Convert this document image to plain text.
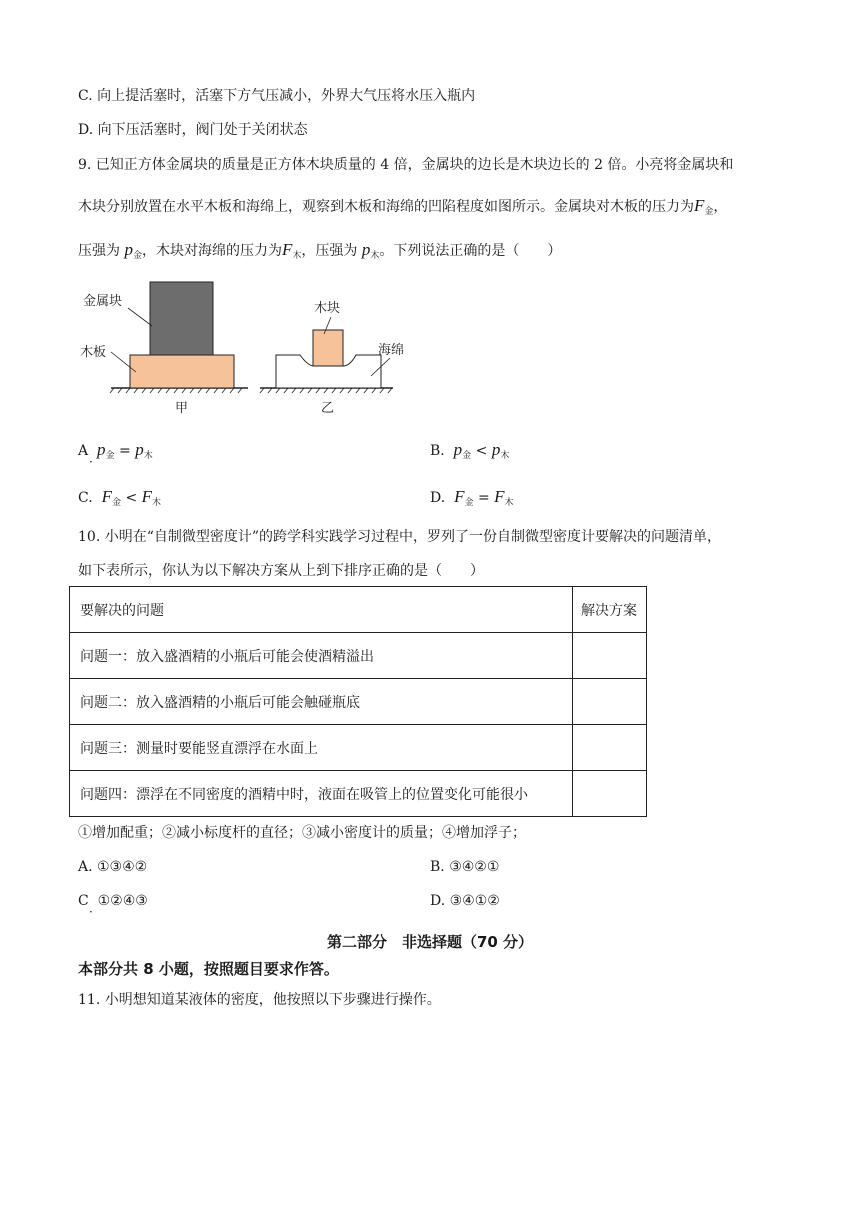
C. 向上提活塞时，活塞下方气压减小，外界大气压将水压入瓶内
D. 向下压活塞时，阀门处于关闭状态
9. 已知正方体金属块的质量是正方体木块质量的 4 倍，金属块的边长是木块边长的 2 倍。小亮将金属块和
木块分别放置在水平木板和海绵上，观察到木板和海绵的凹陷程度如图所示。金属块对木板的压力为$F_金$，
压强为 $p_金$，木块对海绵的压力为$F_木$，压强为 $p_木$。下列说法正确的是（　　）
金属块
木板
甲
木块
海绵
乙
A $p_金 = p_木$
·
B. $p_金 < p_木$
C. $F_金 < F_木$	D. $F_金 = F_木$
10. 小明在“自制微型密度计”的跨学科实践学习过程中，罗列了一份自制微型密度计要解决的问题清单，
如下表所示，你认为以下解决方案从上到下排序正确的是（　　）
要解决的问题	解决方案
问题一：放入盛酒精的小瓶后可能会使酒精溢出	
问题二：放入盛酒精的小瓶后可能会触碰瓶底	
问题三：测量时要能竖直漂浮在水面上	
问题四：漂浮在不同密度的酒精中时，液面在吸管上的位置变化可能很小	
①增加配重；②减小标度杆的直径；③减小密度计的质量；④增加浮子；
A. ①③④②	B. ③④②①
C ①②④③
·
D. ③④①②
第二部分　非选择题（70 分）
本部分共 8 小题，按照题目要求作答。
11. 小明想知道某液体的密度，他按照以下步骤进行操作。
